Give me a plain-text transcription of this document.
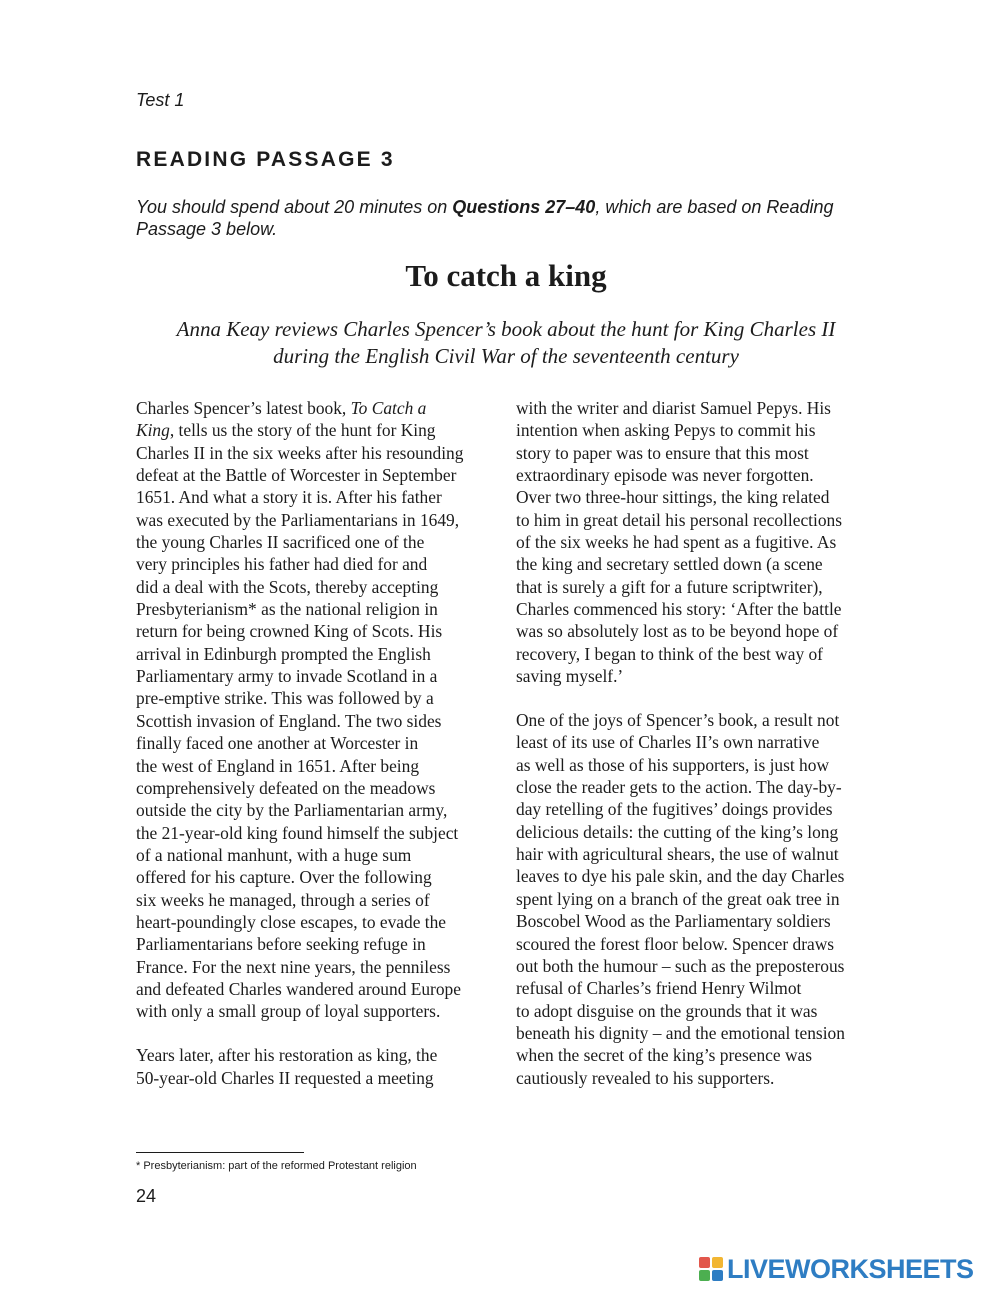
Test 1
READING PASSAGE 3
You should spend about 20 minutes on Questions 27–40, which are based on Reading Passage 3 below.
To catch a king
Anna Keay reviews Charles Spencer’s book about the hunt for King Charles II
during the English Civil War of the seventeenth century
Charles Spencer’s latest book, To Catch a
King, tells us the story of the hunt for King
Charles II in the six weeks after his resounding
defeat at the Battle of Worcester in September
1651. And what a story it is. After his father
was executed by the Parliamentarians in 1649,
the young Charles II sacrificed one of the
very principles his father had died for and
did a deal with the Scots, thereby accepting
Presbyterianism* as the national religion in
return for being crowned King of Scots. His
arrival in Edinburgh prompted the English
Parliamentary army to invade Scotland in a
pre-emptive strike. This was followed by a
Scottish invasion of England. The two sides
finally faced one another at Worcester in
the west of England in 1651. After being
comprehensively defeated on the meadows
outside the city by the Parliamentarian army,
the 21-year-old king found himself the subject
of a national manhunt, with a huge sum
offered for his capture. Over the following
six weeks he managed, through a series of
heart-poundingly close escapes, to evade the
Parliamentarians before seeking refuge in
France. For the next nine years, the penniless
and defeated Charles wandered around Europe
with only a small group of loyal supporters.
Years later, after his restoration as king, the
50-year-old Charles II requested a meeting
with the writer and diarist Samuel Pepys. His
intention when asking Pepys to commit his
story to paper was to ensure that this most
extraordinary episode was never forgotten.
Over two three-hour sittings, the king related
to him in great detail his personal recollections
of the six weeks he had spent as a fugitive. As
the king and secretary settled down (a scene
that is surely a gift for a future scriptwriter),
Charles commenced his story: ‘After the battle
was so absolutely lost as to be beyond hope of
recovery, I began to think of the best way of
saving myself.’
One of the joys of Spencer’s book, a result not
least of its use of Charles II’s own narrative
as well as those of his supporters, is just how
close the reader gets to the action. The day-by-
day retelling of the fugitives’ doings provides
delicious details: the cutting of the king’s long
hair with agricultural shears, the use of walnut
leaves to dye his pale skin, and the day Charles
spent lying on a branch of the great oak tree in
Boscobel Wood as the Parliamentary soldiers
scoured the forest floor below. Spencer draws
out both the humour – such as the preposterous
refusal of Charles’s friend Henry Wilmot
to adopt disguise on the grounds that it was
beneath his dignity – and the emotional tension
when the secret of the king’s presence was
cautiously revealed to his supporters.
* Presbyterianism: part of the reformed Protestant religion
24
LIVEWORKSHEETS
